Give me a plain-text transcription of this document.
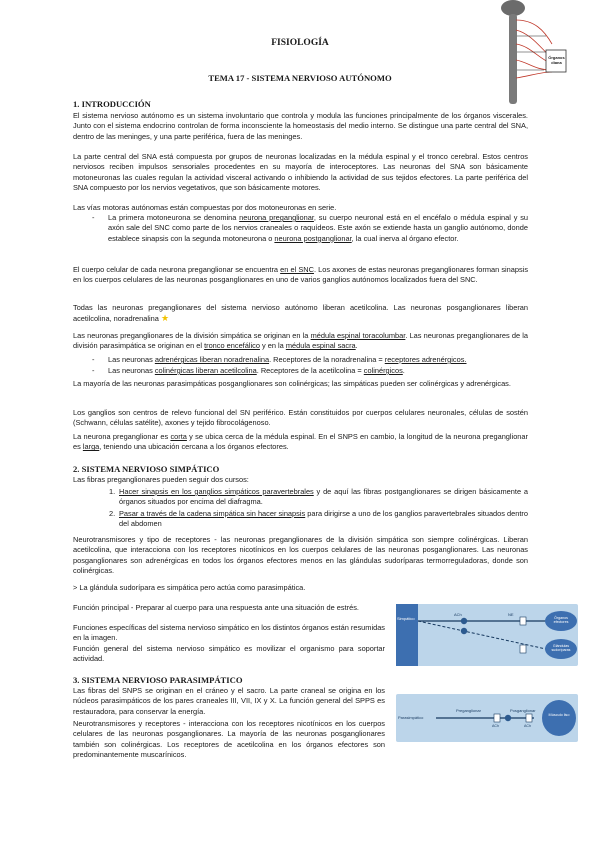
Órganos diana
FISIOLOGÍA
TEMA 17 - SISTEMA NERVIOSO AUTÓNOMO
1. INTRODUCCIÓN

El sistema nervioso autónomo es un sistema involuntario que controla y modula las funciones principalmente de los órganos viscerales. Junto con el sistema endocrino controlan de forma inconsciente la homeostasis del medio interno. Se distingue una parte central del SNA, dentro de las meninges, y una parte periférica, fuera de las meninges.

La parte central del SNA está compuesta por grupos de neuronas localizadas en la médula espinal y el tronco cerebral. Estos centros nerviosos reciben impulsos sensoriales procedentes en su mayoría de interoceptores. Las neuronas del SNA son básicamente motoneuronas las cuales regulan la actividad visceral activando o inhibiendo la actividad de sus tejidos efectores. La parte periférica del SNA compuesto por los nervios vegetativos, que son básicamente motores.

Las vías motoras autónomas están compuestas por dos motoneuronas en serie.

- La primera motoneurona se denomina neurona preganglionar, su cuerpo neuronal está en el encéfalo o médula espinal y su axón sale del SNC como parte de los nervios craneales o raquídeos. Este axón se extiende hasta un ganglio autónomo, donde establece sinapsis con la segunda motoneurona o neurona postganglionar, la cual inerva al órgano efector.

El cuerpo celular de cada neurona preganglionar se encuentra en el SNC. Los axones de estas neuronas preganglionares forman sinapsis en los cuerpos celulares de las neuronas posganglionares en uno de varios ganglios autónomos localizados fuera del SNC.

Todas las neuronas preganglionares del sistema nervioso autónomo liberan acetilcolina. Las neuronas posganglionares liberan acetilcolina, noradrenalina ★

Las neuronas preganglionares de la división simpática se originan en la médula espinal toracolumbar. Las neuronas preganglionares de la división parasimpática se originan en el tronco encefálico y en la médula espinal sacra.

- Las neuronas adrenérgicas liberan noradrenalina. Receptores de la noradrenalina = receptores adrenérgicos.

- Las neuronas colinérgicas liberan acetilcolina. Receptores de la acetilcolina = colinérgicos.

La mayoría de las neuronas parasimpáticas posganglionares son colinérgicas; las simpáticas pueden ser colinérgicas y adrenérgicas.

Los ganglios son centros de relevo funcional del SN periférico. Están constituidos por cuerpos celulares neuronales, células de sostén (Schwann, células satélite), axones y tejido fibrocolágenoso.

La neurona preganglionar es corta y se ubica cerca de la médula espinal. En el SNPS en cambio, la longitud de la neurona preganglionar es larga, teniendo una ubicación cercana a los órganos efectores.

2. SISTEMA NERVIOSO SIMPÁTICO

Las fibras preganglionares pueden seguir dos cursos:

1. Hacer sinapsis en los ganglios simpáticos paravertebrales y de aquí las fibras postganglionares se dirigen básicamente a órganos situados por encima del diafragma.

2. Pasar a través de la cadena simpática sin hacer sinapsis para dirigirse a uno de los ganglios paravertebrales situados dentro del abdomen

Neurotransmisores y tipo de receptores - las neuronas preganglionares de la división simpática son siempre colinérgicas. Liberan acetilcolina, que interacciona con los receptores nicotínicos en los cuerpos celulares de las neuronas posganglionares. Las neuronas posganglionares son adrenérgicas en todos los órganos efectores menos en las glándulas sudoríparas termorreguladoras, donde son colinérgicas.

> La glándula sudorípara es simpática pero actúa como parasimpática.

Función principal - Preparar al cuerpo para una respuesta ante una situación de estrés.

Funciones específicas del sistema nervioso simpático en los distintos órganos están resumidas en la imagen.

Función general del sistema nervioso simpático es movilizar el organismo para soportar actividad.

Simpático
ACh	NE
Órganos efectores
Glándulas sudoríparas
3. SISTEMA NERVIOSO PARASIMPÁTICO

Las fibras del SNPS se originan en el cráneo y el sacro. La parte craneal se origina en los núcleos parasimpáticos de los pares craneales III, VII, IX y X. La función general del SPPS es restauradora, para conservar la energía.

Neurotransmisores y receptores - interacciona con los receptores nicotínicos en los cuerpos celulares de las neuronas posganglionares. La mayoría de las neuronas posganglionares también son colinérgicas. Los receptores de acetilcolina en los órganos efectores son predominantemente muscarínicos.

Parasimpático
Preganglionar	Posganglionar
ACh	ACh
Músculo liso
